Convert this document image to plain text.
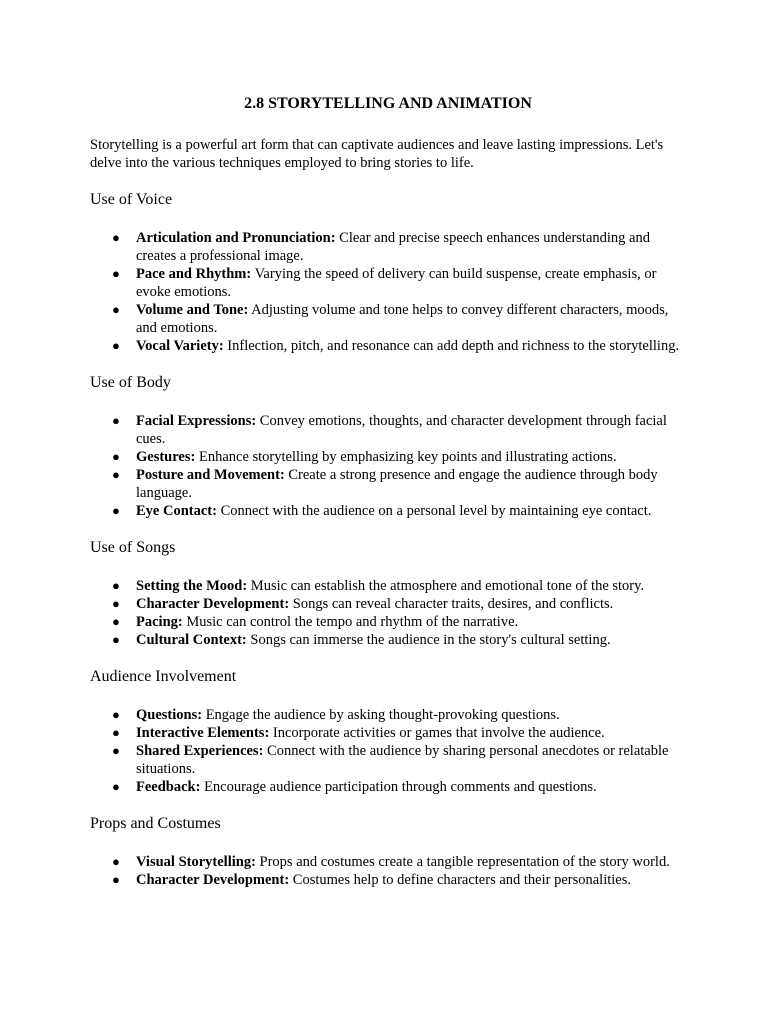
2.8 STORYTELLING AND ANIMATION

Storytelling is a powerful art form that can captivate audiences and leave lasting impressions. Let's delve into the various techniques employed to bring stories to life.

Use of Voice
● Articulation and Pronunciation: Clear and precise speech enhances understanding and creates a professional image.
● Pace and Rhythm: Varying the speed of delivery can build suspense, create emphasis, or evoke emotions.
● Volume and Tone: Adjusting volume and tone helps to convey different characters, moods, and emotions.
● Vocal Variety: Inflection, pitch, and resonance can add depth and richness to the storytelling.
Use of Body
● Facial Expressions: Convey emotions, thoughts, and character development through facial cues.
● Gestures: Enhance storytelling by emphasizing key points and illustrating actions.
● Posture and Movement: Create a strong presence and engage the audience through body language.
● Eye Contact: Connect with the audience on a personal level by maintaining eye contact.
Use of Songs
● Setting the Mood: Music can establish the atmosphere and emotional tone of the story.
● Character Development: Songs can reveal character traits, desires, and conflicts.
● Pacing: Music can control the tempo and rhythm of the narrative.
● Cultural Context: Songs can immerse the audience in the story's cultural setting.
Audience Involvement
● Questions: Engage the audience by asking thought-provoking questions.
● Interactive Elements: Incorporate activities or games that involve the audience.
● Shared Experiences: Connect with the audience by sharing personal anecdotes or relatable situations.
● Feedback: Encourage audience participation through comments and questions.
Props and Costumes
● Visual Storytelling: Props and costumes create a tangible representation of the story world.
● Character Development: Costumes help to define characters and their personalities.
